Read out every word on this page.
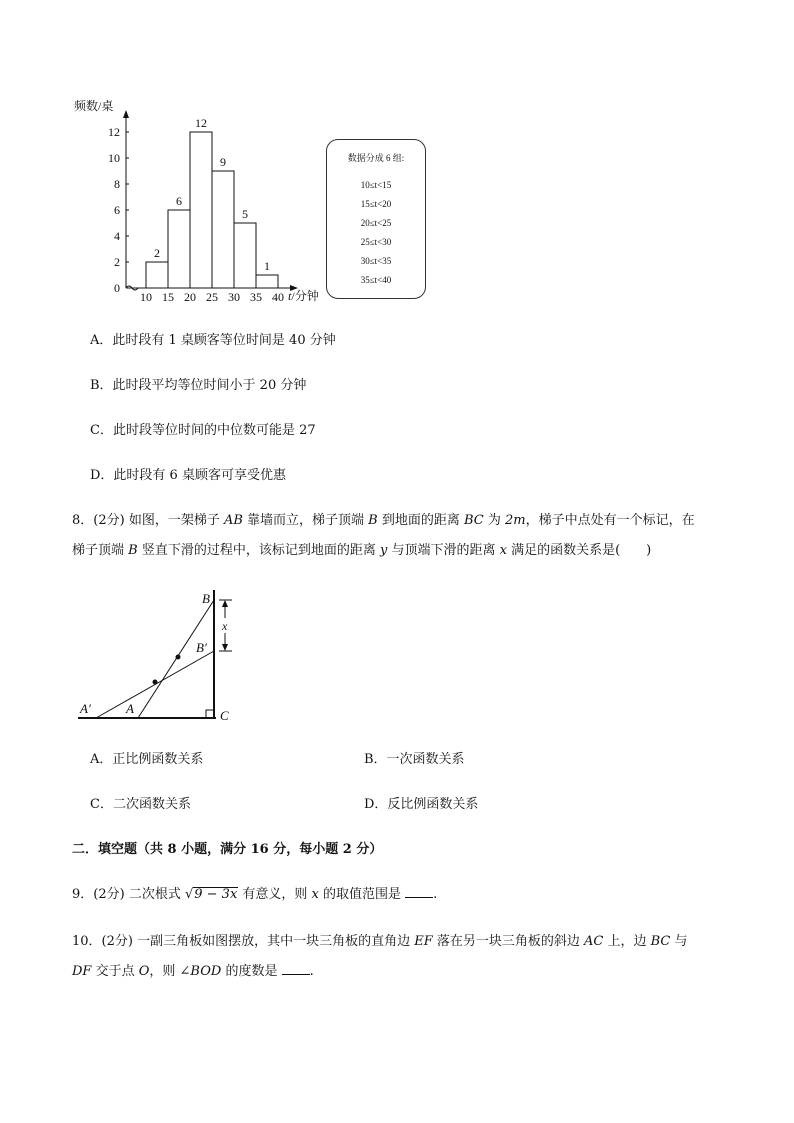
频数/桌
2
6
12
9
5
1
0
2
4
6
8
10
12
10 15 20 25 30 35 40 t/分钟
数据分成 6 组:
10≤t<15
15≤t<20
20≤t<25
25≤t<30
30≤t<35
35≤t<40
A．此时段有 1 桌顾客等位时间是 40 分钟
B．此时段平均等位时间小于 20 分钟
C．此时段等位时间的中位数可能是 27
D．此时段有 6 桌顾客可享受优惠
8．(2分) 如图，一架梯子 AB 靠墙而立，梯子顶端 B 到地面的距离 BC 为 2m，梯子中点处有一个标记，在
梯子顶端 B 竖直下滑的过程中，该标记到地面的距离 y 与顶端下滑的距离 x 满足的函数关系是(　　)
B
B′
x
A′	A	C
A．正比例函数关系	B．一次函数关系
C．二次函数关系	D．反比例函数关系
二．填空题（共 8 小题，满分 16 分，每小题 2 分）
9．(2分) 二次根式 √9 − 3x 有意义，则 x 的取值范围是 .
10．(2分) 一副三角板如图摆放，其中一块三角板的直角边 EF 落在另一块三角板的斜边 AC 上，边 BC 与
DF 交于点 O，则 ∠BOD 的度数是 .
